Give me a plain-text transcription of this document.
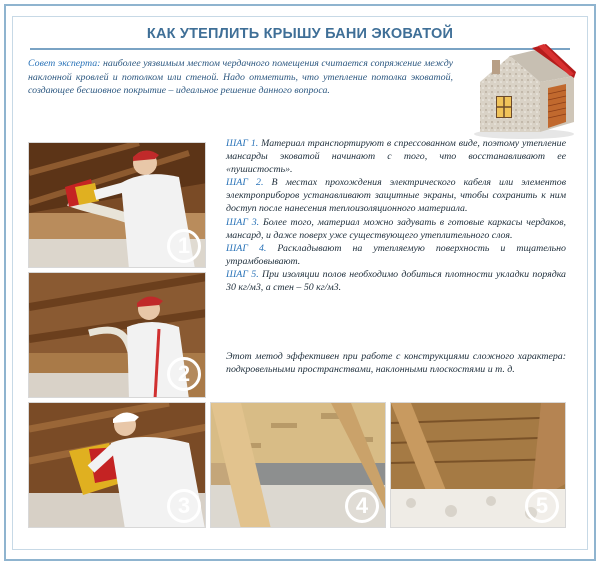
КАК УТЕПЛИТЬ КРЫШУ БАНИ ЭКОВАТОЙ
Совет эксперта: наиболее уязвимым местом чердачного помещения считается сопряжение между наклонной кровлей и потолком или стеной. Надо отметить, что утепление потолка эковатой, создающее бесшовное покрытие – идеальное решение данного вопроса.

ШАГ 1. Материал транспортируют в спрессованном виде, поэтому утепление мансарды эковатой начинают с того, что восстанавливают ее «пушистость».

ШАГ 2. В местах прохождения электрического кабеля или элементов электроприборов устанавливают защитные экраны, чтобы сохранить к ним доступ после нанесения теплоизоляционного материала.

ШАГ 3. Более того, материал можно задувать в готовые каркасы чердаков, мансард, и даже поверх уже существующего утеплительного слоя.

ШАГ 4. Раскладывают на утепляемую поверхность и тщательно утрамбовывают.

ШАГ 5. При изоляции полов необходимо добиться плотности укладки порядка 30 кг/м3, а стен – 50 кг/м3.

Этот метод эффективен при работе с конструкциями сложного характера: подкровельными пространствами, наклонными плоскостями и т. д.
1
2
3	4	5
